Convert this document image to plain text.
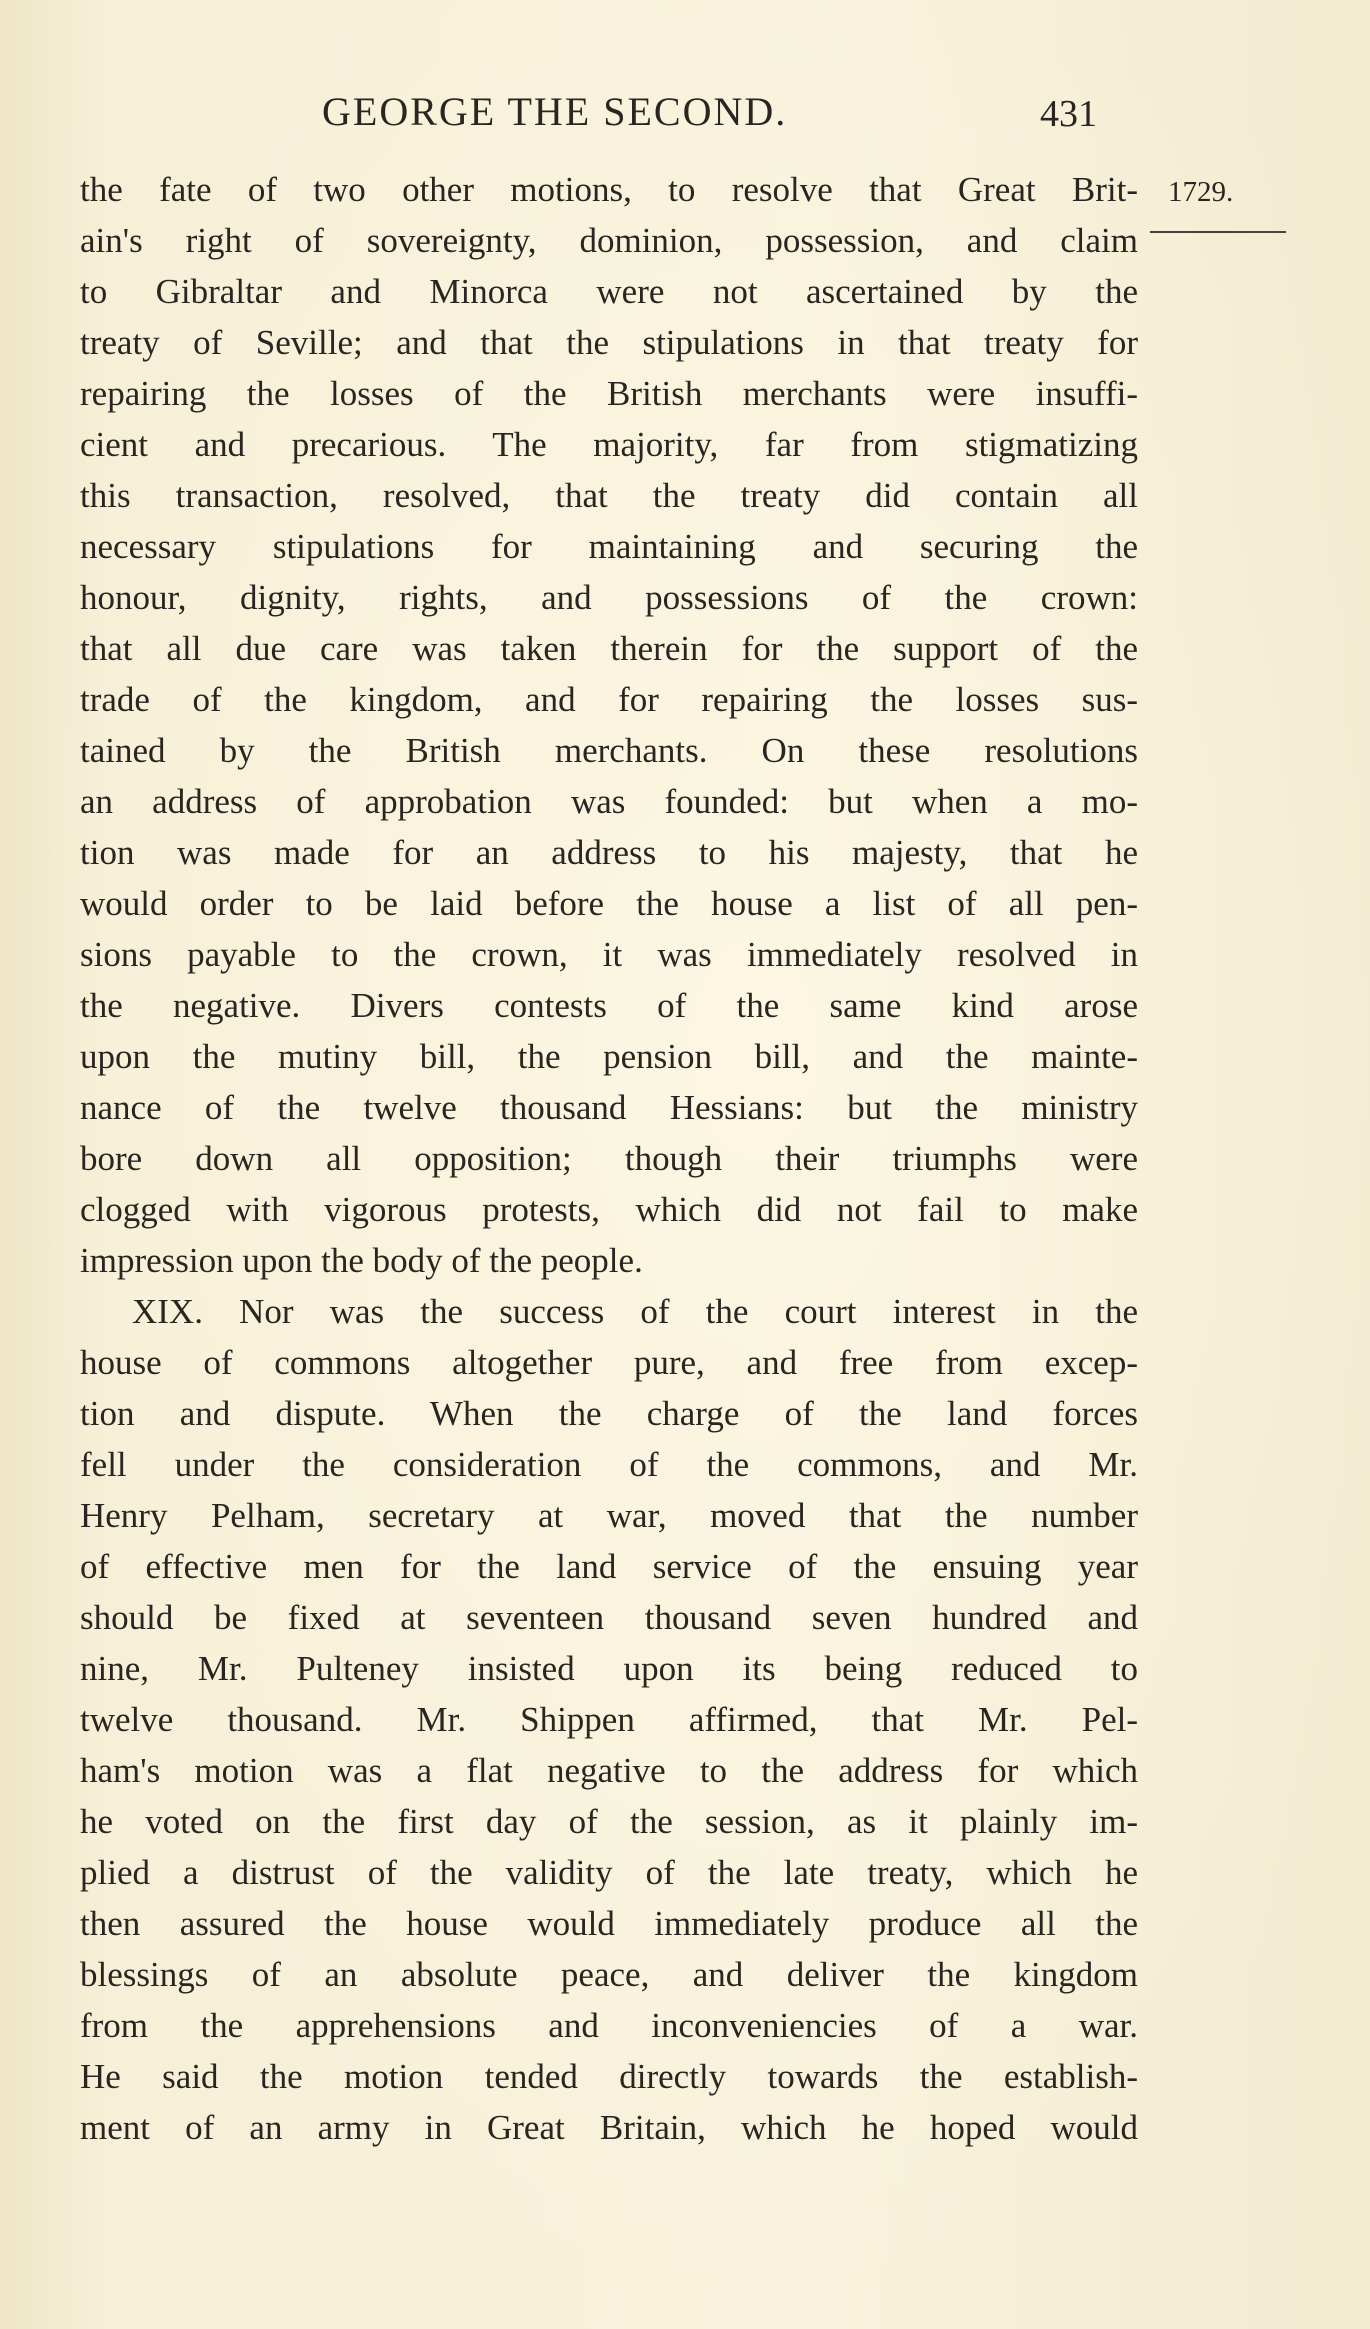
GEORGE THE SECOND.	431
1729.
the fate of two other motions, to resolve that Great Brit-
ain's right of sovereignty, dominion, possession, and claim
to Gibraltar and Minorca were not ascertained by the
treaty of Seville; and that the stipulations in that treaty for
repairing the losses of the British merchants were insuffi-
cient and precarious. The majority, far from stigmatizing
this transaction, resolved, that the treaty did contain all
necessary stipulations for maintaining and securing the
honour, dignity, rights, and possessions of the crown:
that all due care was taken therein for the support of the
trade of the kingdom, and for repairing the losses sus-
tained by the British merchants. On these resolutions
an address of approbation was founded: but when a mo-
tion was made for an address to his majesty, that he
would order to be laid before the house a list of all pen-
sions payable to the crown, it was immediately resolved in
the negative. Divers contests of the same kind arose
upon the mutiny bill, the pension bill, and the mainte-
nance of the twelve thousand Hessians: but the ministry
bore down all opposition; though their triumphs were
clogged with vigorous protests, which did not fail to make
impression upon the body of the people.
XIX. Nor was the success of the court interest in the
house of commons altogether pure, and free from excep-
tion and dispute. When the charge of the land forces
fell under the consideration of the commons, and Mr.
Henry Pelham, secretary at war, moved that the number
of effective men for the land service of the ensuing year
should be fixed at seventeen thousand seven hundred and
nine, Mr. Pulteney insisted upon its being reduced to
twelve thousand. Mr. Shippen affirmed, that Mr. Pel-
ham's motion was a flat negative to the address for which
he voted on the first day of the session, as it plainly im-
plied a distrust of the validity of the late treaty, which he
then assured the house would immediately produce all the
blessings of an absolute peace, and deliver the kingdom
from the apprehensions and inconveniencies of a war.
He said the motion tended directly towards the establish-
ment of an army in Great Britain, which he hoped would
